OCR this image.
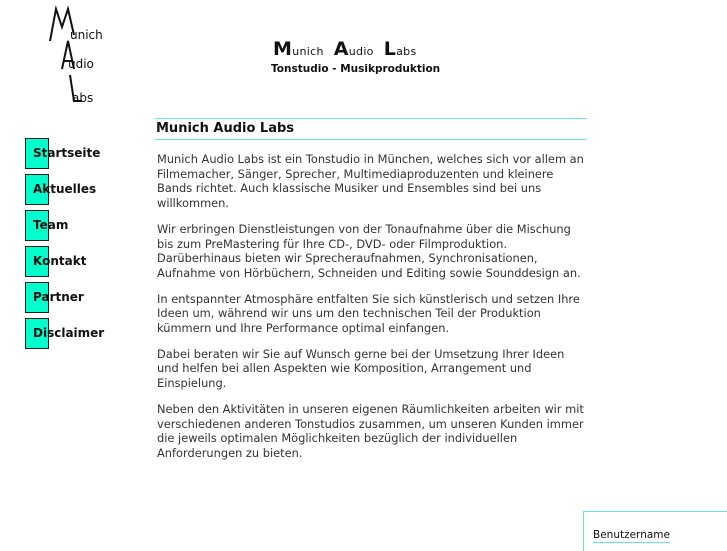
unich
udio
abs
Munich Audio Labs
Tonstudio - Musikproduktion
Startseite
Aktuelles
Team
Kontakt
Partner
Disclaimer
Munich Audio Labs

Munich Audio Labs ist ein Tonstudio in München, welches sich vor allem an Filmemacher, Sänger, Sprecher, Multimediaproduzenten und kleinere Bands richtet. Auch klassische Musiker und Ensembles sind bei uns willkommen.

Wir erbringen Dienstleistungen von der Tonaufnahme über die Mischung bis zum PreMastering für Ihre CD-, DVD- oder Filmproduktion. Darüberhinaus bieten wir Sprecheraufnahmen, Synchronisationen, Aufnahme von Hörbüchern, Schneiden und Editing sowie Sounddesign an.

In entspannter Atmosphäre entfalten Sie sich künstlerisch und setzen Ihre Ideen um, während wir uns um den technischen Teil der Produktion kümmern und Ihre Performance optimal einfangen.

Dabei beraten wir Sie auf Wunsch gerne bei der Umsetzung Ihrer Ideen und helfen bei allen Aspekten wie Komposition, Arrangement und Einspielung.

Neben den Aktivitäten in unseren eigenen Räumlichkeiten arbeiten wir mit verschiedenen anderen Tonstudios zusammen, um unseren Kunden immer die jeweils optimalen Möglichkeiten bezüglich der individuellen Anforderungen zu bieten.

Benutzername
